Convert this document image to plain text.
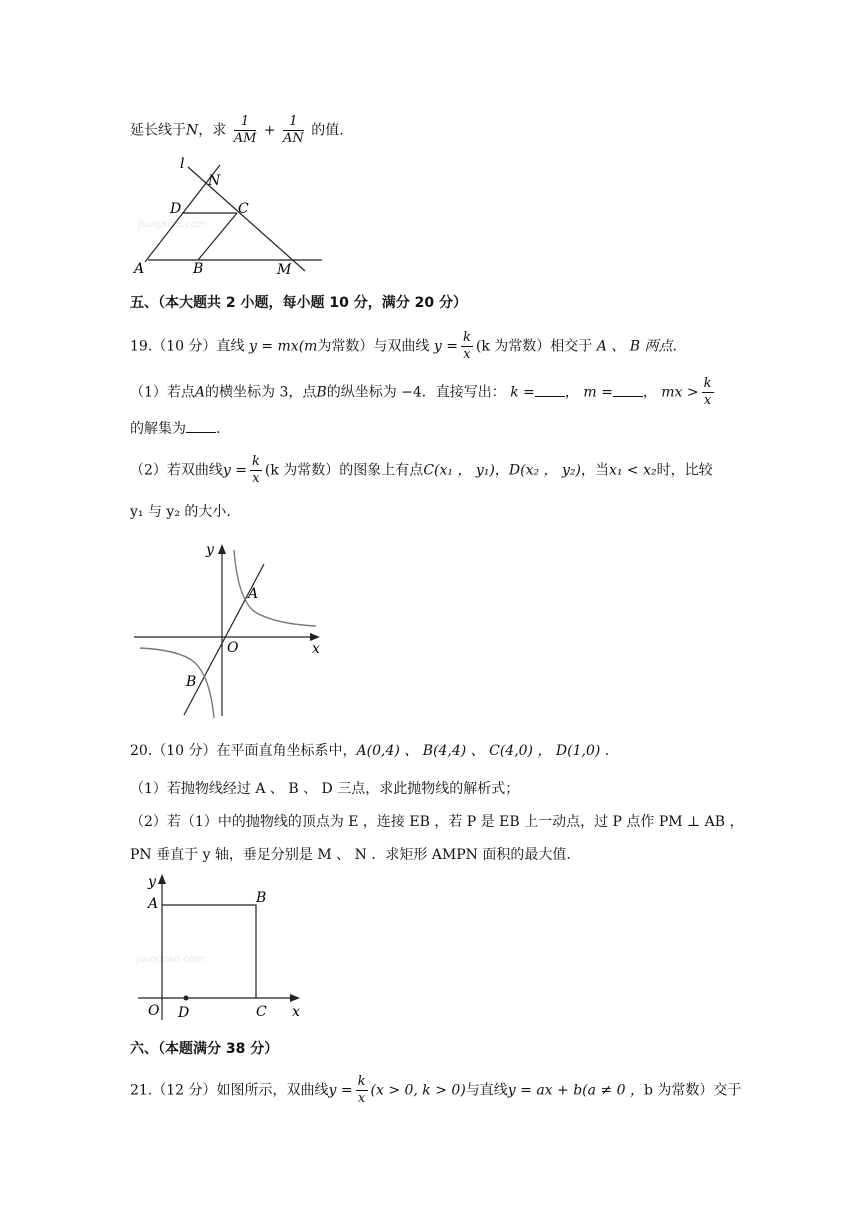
延长线于N，求 $\frac{1}{AM} + \frac{1}{AN}$ 的值.
jsuojxiao.com
l
N
D	C
A	B	M
五、（本大题共 2 小题，每小题 10 分，满分 20 分）
19.（10 分）直线 y = mx(m为常数）与双曲线 $y = \frac{k}{x} (k$ 为常数）相交于 A 、 B 两点.
（1）若点A的横坐标为 3，点B的纵坐标为 −4．直接写出： k = ， m = ， mx > $\frac{k}{x}$
的解集为 .
（2）若双曲线$y = \frac{k}{x} (k$ 为常数）的图象上有点C(x₁ ， y₁)，D(x₂ ， y₂)，当x₁ < x₂时，比较
y₁ 与 y₂ 的大小.
y
A
O	x
B
20.（10 分）在平面直角坐标系中，A(0,4) 、 B(4,4) 、 C(4,0) ， D(1,0) .
（1）若抛物线经过 A 、 B 、 D 三点，求此抛物线的解析式；
（2）若（1）中的抛物线的顶点为 E ，连接 EB ，若 P 是 EB 上一动点，过 P 点作 PM ⊥ AB ，
PN 垂直于 y 轴，垂足分别是 M 、 N ．求矩形 AMPN 面积的最大值.
jsuojxiao.com
y
A	B
O D	C x
六、（本题满分 38 分）
21.（12 分）如图所示，双曲线$y = \frac{k}{x} (x > 0$, k > 0)与直线y = ax + b(a ≠ 0 ，b 为常数）交于
